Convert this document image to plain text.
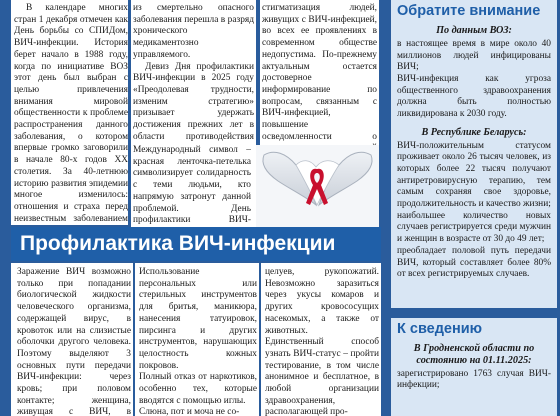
В календаре многих стран 1 декабря отмечен как День борьбы со СПИДом, ВИЧ-инфекции. История берет начало в 1988 году, когда по инициативе ВОЗ этот день был выбран с целью привлечения внимания мировой общественности к проблеме распространения данного заболевания, о котором впервые громко заговорили в начале 80-х годов XX столетия. За 40-летнюю историю развития эпидемии многое изменилось: отношения и страха перед неизвестным заболеванием

из смертельно опасного заболевания перешла в разряд хронического медикаментозно управляемого.

Девиз Дня профилактики ВИЧ-инфекции в 2025 году «Преодолевая трудности, изменим стратегию» призывает удержать достижения прежних лет в области противодействия

стигматизация людей, живущих с ВИЧ-инфекцией, во всех ее проявлениях в современном обществе недопустима. По-прежнему актуальным остается достоверное информирование по вопросам, связанным с ВИЧ-инфекцией, повышение осведомленности о

Международный символ – красная ленточка-петелька символизирует солидарность с теми людьми, кто напрямую затронут данной проблемой. День профилактики ВИЧ-

Профилактика ВИЧ-инфекции

Заражение ВИЧ возможно только при попадании биологической жидкости человеческого организма, содержащей вирус, в кровоток или на слизистые оболочки другого человека. Поэтому выделяют 3 основных пути передачи ВИЧ-инфекции: через кровь; при половом контакте; женщина, живущая с ВИЧ, в

Использование персональных или стерильных инструментов для бритья, маникюра, нанесения татуировок, пирсинга и других инструментов, нарушающих целостность кожных покровов.

Полный отказ от наркотиков, особенно тех, которые вводятся с помощью иглы.

Слюна, пот и моча не со-

целуев, рукопожатий. Невозможно заразиться через укусы комаров и других кровососущих насекомых, а также от животных.

Единственный способ узнать ВИЧ-статус – пройти тестирование, в том числе анонимное и бесплатное, в любой организации здравоохранения, располагающей про-

Обратите внимание
По данным ВОЗ:

в настоящее время в мире около 40 миллионов людей инфицированы ВИЧ;

ВИЧ-инфекция как угроза общественного здравоохранения должна быть полностью ликвидирована к 2030 году.

В Республике Беларусь:

ВИЧ-положительным статусом проживает около 26 тысяч человек, из которых более 22 тысяч получают антиретровирусную терапию, тем самым сохраняя свое здоровье, продолжительность и качество жизни;

наибольшее количество новых случаев регистрируется среди мужчин и женщин в возрасте от 30 до 49 лет;

преобладает половой путь передачи ВИЧ, который составляет более 80% от всех регистрируемых случаев.

К сведению
В Гродненской области по состоянию на 01.11.2025:

зарегистрировано 1763 случая ВИЧ-инфекции;
